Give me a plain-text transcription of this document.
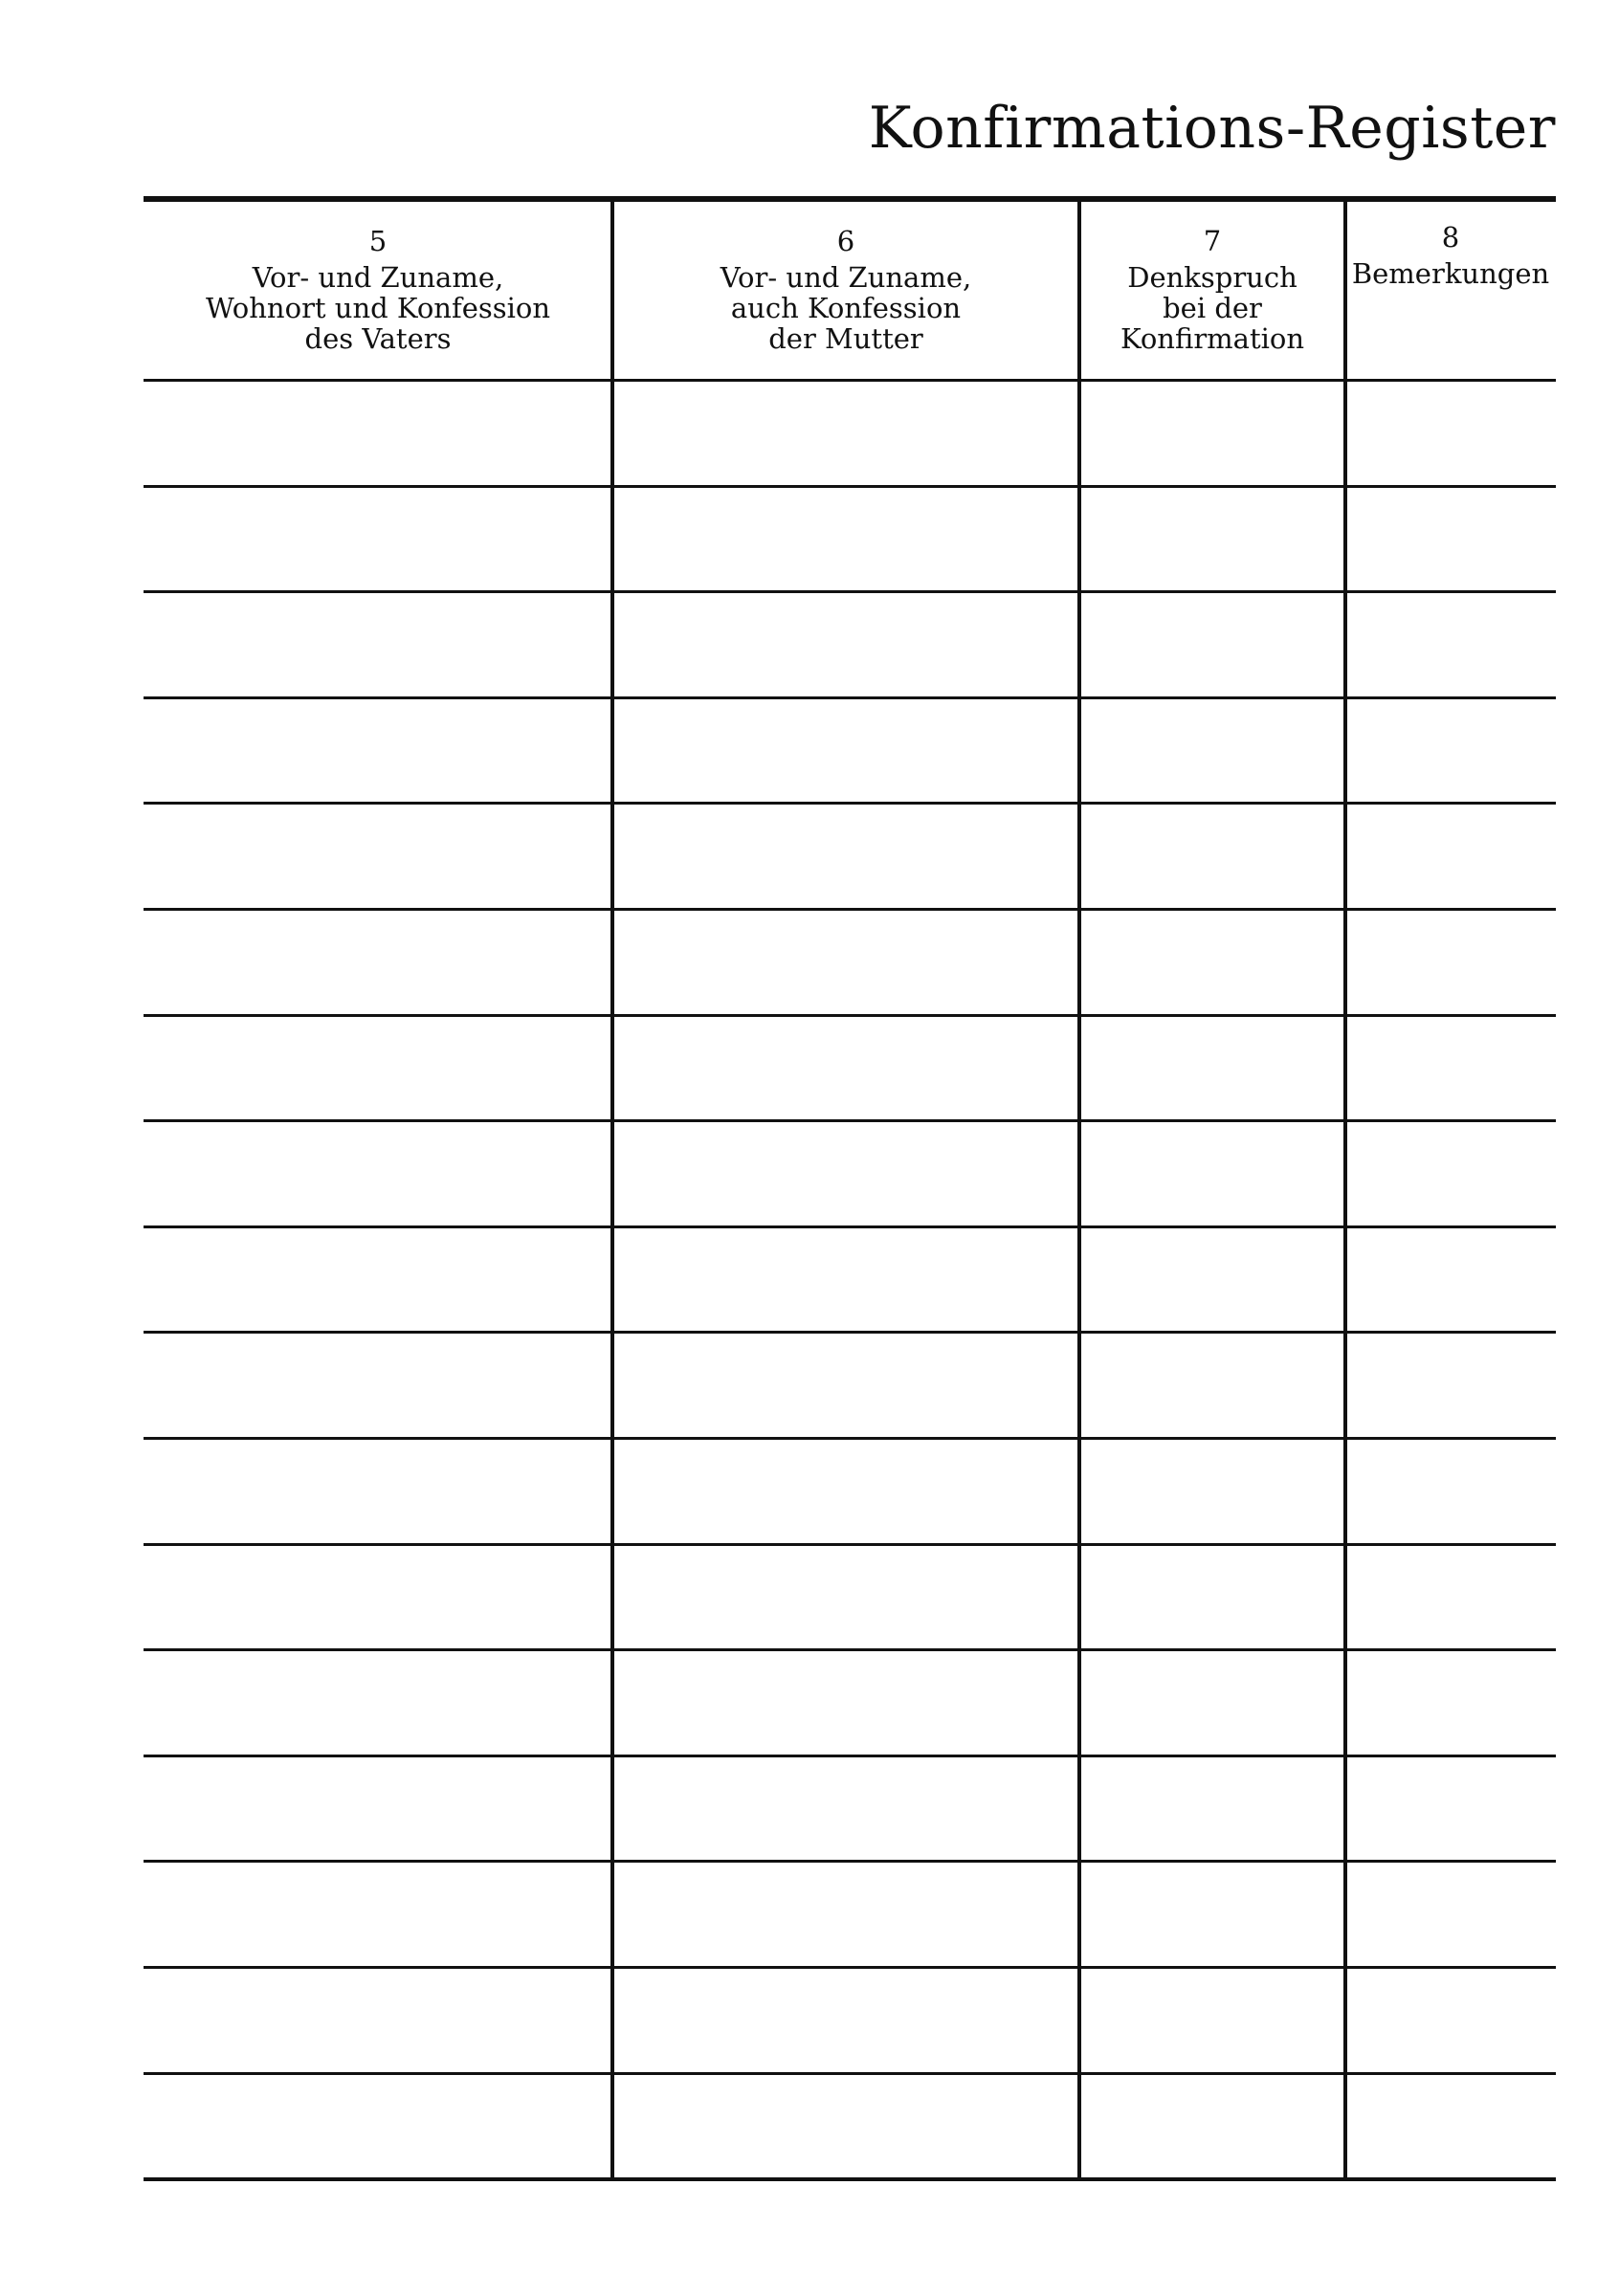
Konfirmations-Register
5
Vor- und Zuname,
Wohnort und Konfession
des Vaters
6
Vor- und Zuname,
auch Konfession
der Mutter
7
Denkspruch
bei der
Konfirmation
8
Bemerkungen
